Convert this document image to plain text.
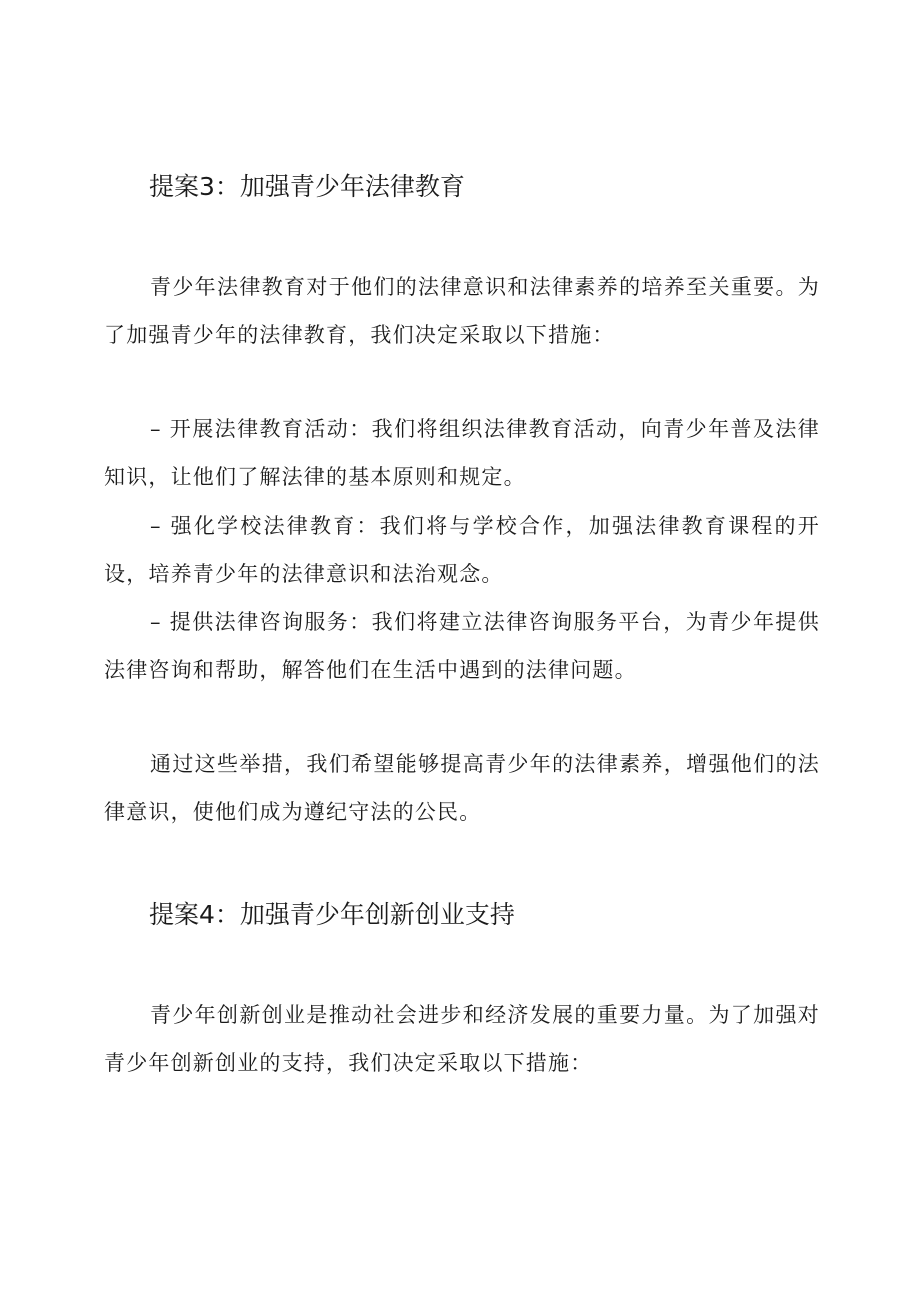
提案3：加强青少年法律教育

青少年法律教育对于他们的法律意识和法律素养的培养至关重要。为了加强青少年的法律教育，我们决定采取以下措施：

– 开展法律教育活动：我们将组织法律教育活动，向青少年普及法律知识，让他们了解法律的基本原则和规定。

– 强化学校法律教育：我们将与学校合作，加强法律教育课程的开设，培养青少年的法律意识和法治观念。

– 提供法律咨询服务：我们将建立法律咨询服务平台，为青少年提供法律咨询和帮助，解答他们在生活中遇到的法律问题。

通过这些举措，我们希望能够提高青少年的法律素养，增强他们的法律意识，使他们成为遵纪守法的公民。

提案4：加强青少年创新创业支持

青少年创新创业是推动社会进步和经济发展的重要力量。为了加强对青少年创新创业的支持，我们决定采取以下措施：
